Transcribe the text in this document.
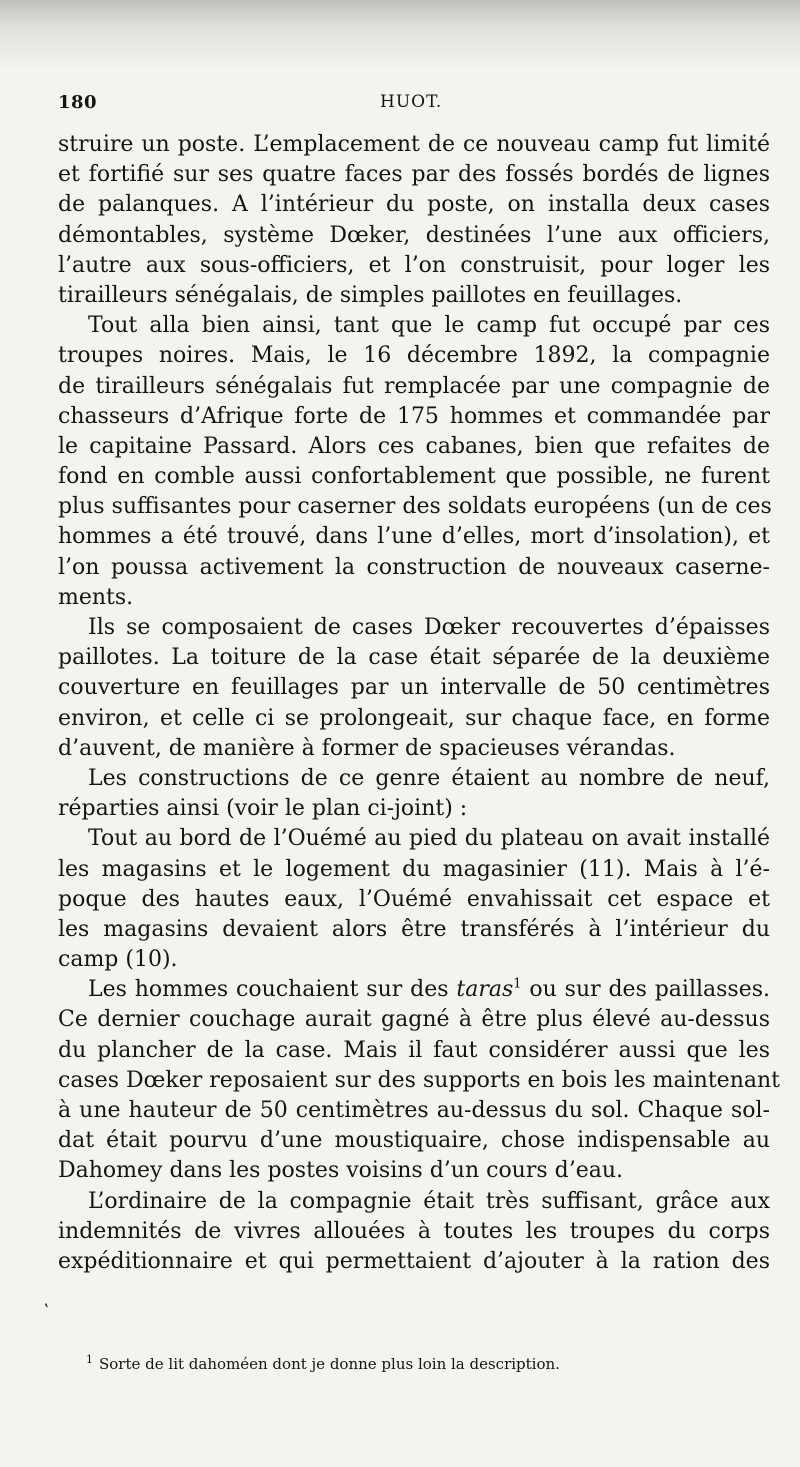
180	HUOT.
struire un poste. L’emplacement de ce nouveau camp fut limité
et fortifié sur ses quatre faces par des fossés bordés de lignes
de palanques. A l’intérieur du poste, on installa deux cases
démontables, système Dœker, destinées l’une aux officiers,
l’autre aux sous-officiers, et l’on construisit, pour loger les
tirailleurs sénégalais, de simples paillotes en feuillages.
Tout alla bien ainsi, tant que le camp fut occupé par ces
troupes noires. Mais, le 16 décembre 1892, la compagnie
de tirailleurs sénégalais fut remplacée par une compagnie de
chasseurs d’Afrique forte de 175 hommes et commandée par
le capitaine Passard. Alors ces cabanes, bien que refaites de
fond en comble aussi confortablement que possible, ne furent
plus suffisantes pour caserner des soldats européens (un de ces
hommes a été trouvé, dans l’une d’elles, mort d’insolation), et
l’on poussa activement la construction de nouveaux caserne-
ments.
Ils se composaient de cases Dœker recouvertes d’épaisses
paillotes. La toiture de la case était séparée de la deuxième
couverture en feuillages par un intervalle de 50 centimètres
environ, et celle ci se prolongeait, sur chaque face, en forme
d’auvent, de manière à former de spacieuses vérandas.
Les constructions de ce genre étaient au nombre de neuf,
réparties ainsi (voir le plan ci-joint) :
Tout au bord de l’Ouémé au pied du plateau on avait installé
les magasins et le logement du magasinier (11). Mais à l’é-
poque des hautes eaux, l’Ouémé envahissait cet espace et
les magasins devaient alors être transférés à l’intérieur du
camp (10).
Les hommes couchaient sur des taras$^1$ ou sur des paillasses.
Ce dernier couchage aurait gagné à être plus élevé au-dessus
du plancher de la case. Mais il faut considérer aussi que les
cases Dœker reposaient sur des supports en bois les maintenant
à une hauteur de 50 centimètres au-dessus du sol. Chaque sol-
dat était pourvu d’une moustiquaire, chose indispensable au
Dahomey dans les postes voisins d’un cours d’eau.
L’ordinaire de la compagnie était très suffisant, grâce aux
indemnités de vivres allouées à toutes les troupes du corps
expéditionnaire et qui permettaient d’ajouter à la ration des
‛
$^1$ Sorte de lit dahoméen dont je donne plus loin la description.
